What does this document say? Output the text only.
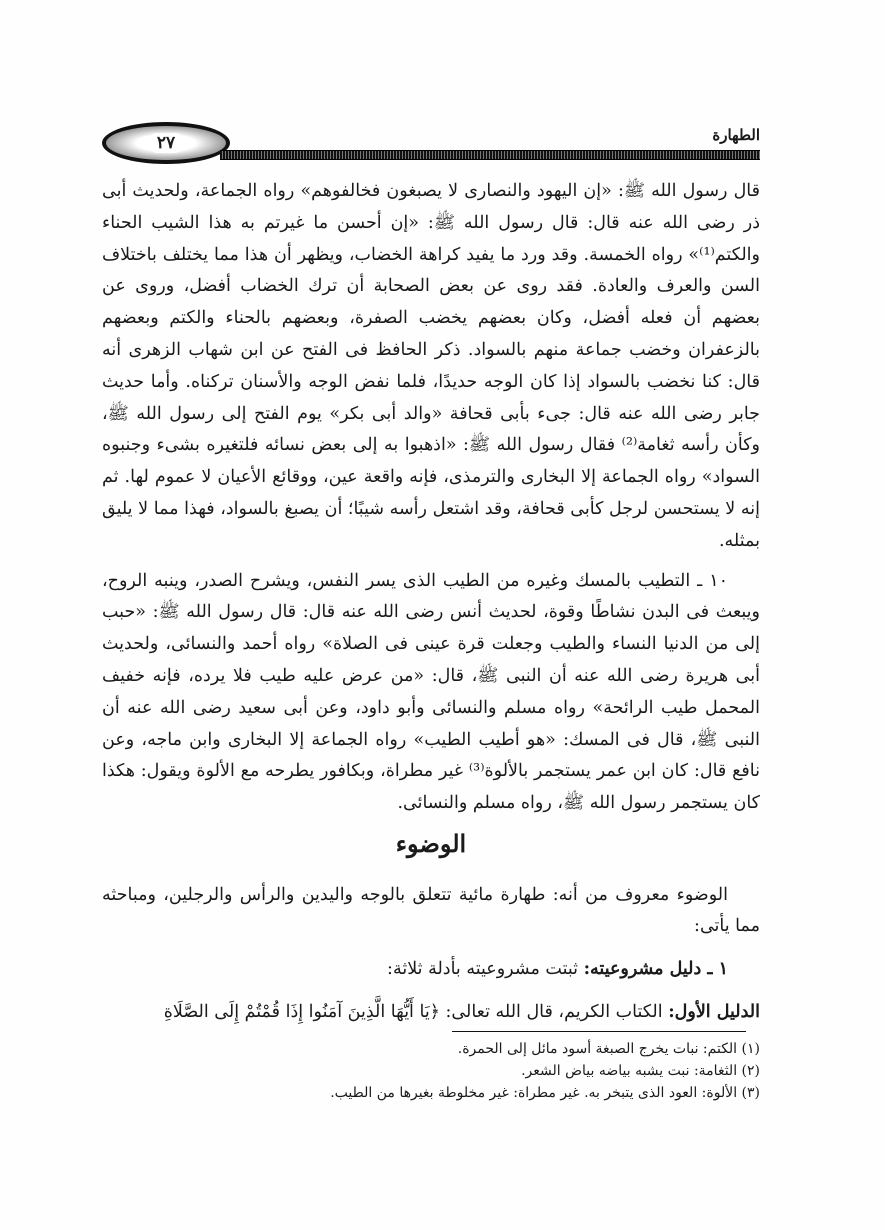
٢٧	الطهارة

قال رسول الله ﷺ: «إن اليهود والنصارى لا يصبغون فخالفوهم» رواه الجماعة، ولحديث أبى ذر رضى الله عنه قال: قال رسول الله ﷺ: «إن أحسن ما غيرتم به هذا الشيب الحناء والكتم⁽¹⁾» رواه الخمسة. وقد ورد ما يفيد كراهة الخضاب، ويظهر أن هذا مما يختلف باختلاف السن والعرف والعادة. فقد روى عن بعض الصحابة أن ترك الخضاب أفضل، وروى عن بعضهم أن فعله أفضل، وكان بعضهم يخضب الصفرة، وبعضهم بالحناء والكتم وبعضهم بالزعفران وخضب جماعة منهم بالسواد. ذكر الحافظ فى الفتح عن ابن شهاب الزهرى أنه قال: كنا نخضب بالسواد إذا كان الوجه حديدًا، فلما نفض الوجه والأسنان تركناه. وأما حديث جابر رضى الله عنه قال: جىء بأبى قحافة «والد أبى بكر» يوم الفتح إلى رسول الله ﷺ، وكأن رأسه ثغامة⁽²⁾ فقال رسول الله ﷺ: «اذهبوا به إلى بعض نسائه فلتغيره بشىء وجنبوه السواد» رواه الجماعة إلا البخارى والترمذى، فإنه واقعة عين، ووقائع الأعيان لا عموم لها. ثم إنه لا يستحسن لرجل كأبى قحافة، وقد اشتعل رأسه شيبًا؛ أن يصبغ بالسواد، فهذا مما لا يليق بمثله.

١٠ ـ التطيب بالمسك وغيره من الطيب الذى يسر النفس، ويشرح الصدر، وينبه الروح، ويبعث فى البدن نشاطًا وقوة، لحديث أنس رضى الله عنه قال: قال رسول الله ﷺ: «حبب إلى من الدنيا النساء والطيب وجعلت قرة عينى فى الصلاة» رواه أحمد والنسائى، ولحديث أبى هريرة رضى الله عنه أن النبى ﷺ، قال: «من عرض عليه طيب فلا يرده، فإنه خفيف المحمل طيب الرائحة» رواه مسلم والنسائى وأبو داود، وعن أبى سعيد رضى الله عنه أن النبى ﷺ، قال فى المسك: «هو أطيب الطيب» رواه الجماعة إلا البخارى وابن ماجه، وعن نافع قال: كان ابن عمر يستجمر بالألوة⁽³⁾ غير مطراة، وبكافور يطرحه مع الألوة ويقول: هكذا كان يستجمر رسول الله ﷺ، رواه مسلم والنسائى.

الوضوء

الوضوء معروف من أنه: طهارة مائية تتعلق بالوجه واليدين والرأس والرجلين، ومباحثه مما يأتى:

١ ـ دليل مشروعيته: ثبتت مشروعيته بأدلة ثلاثة:

الدليل الأول: الكتاب الكريم، قال الله تعالى: ﴿يَا أَيُّهَا الَّذِينَ آمَنُوا إِذَا قُمْتُمْ إِلَى الصَّلَاةِ

(١) الكتم: نبات يخرج الصبغة أسود مائل إلى الحمرة.

(٢) الثغامة: نبت يشبه بياضه بياض الشعر.

(٣) الألوة: العود الذى يتبخر به. غير مطراة: غير مخلوطة بغيرها من الطيب.
